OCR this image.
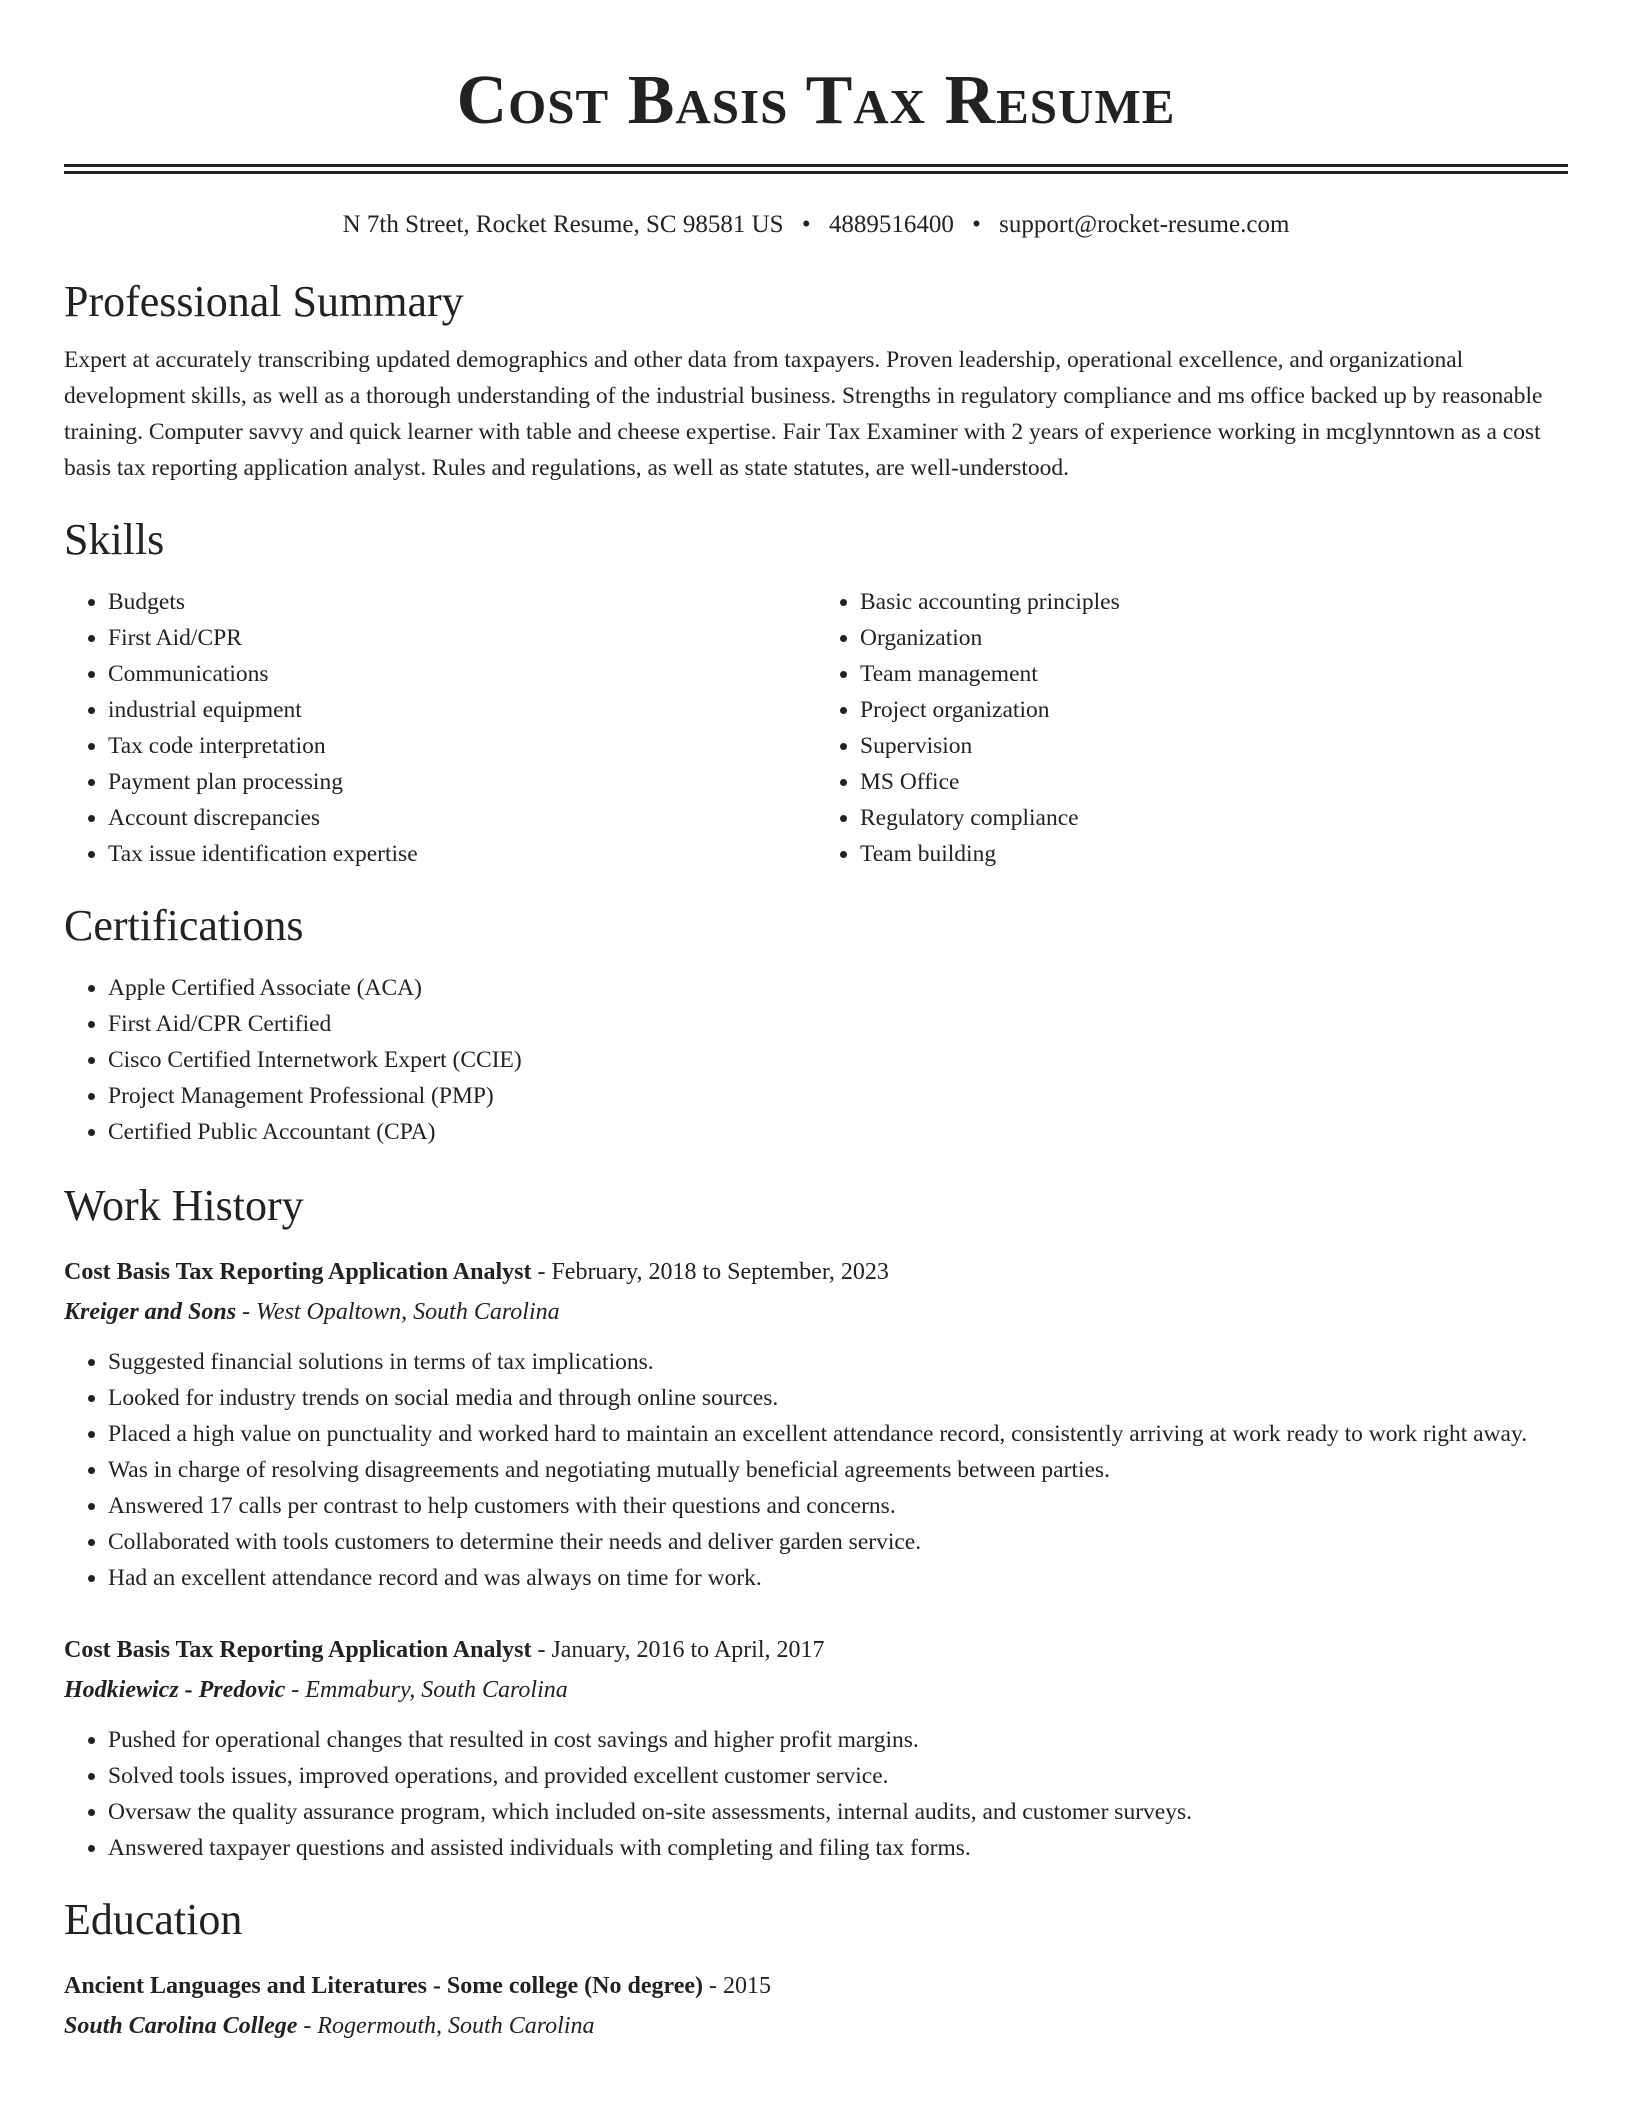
Cost Basis Tax Resume
N 7th Street, Rocket Resume, SC 98581 US • 4889516400 • support@rocket-resume.com
Professional Summary

Expert at accurately transcribing updated demographics and other data from taxpayers. Proven leadership, operational excellence, and organizational development skills, as well as a thorough understanding of the industrial business. Strengths in regulatory compliance and ms office backed up by reasonable training. Computer savvy and quick learner with table and cheese expertise. Fair Tax Examiner with 2 years of experience working in mcglynntown as a cost basis tax reporting application analyst. Rules and regulations, as well as state statutes, are well-understood.

Skills
• Budgets
• First Aid/CPR
• Communications
• industrial equipment
• Tax code interpretation
• Payment plan processing
• Account discrepancies
• Tax issue identification expertise
• Basic accounting principles
• Organization
• Team management
• Project organization
• Supervision
• MS Office
• Regulatory compliance
• Team building
Certifications
• Apple Certified Associate (ACA)
• First Aid/CPR Certified
• Cisco Certified Internetwork Expert (CCIE)
• Project Management Professional (PMP)
• Certified Public Accountant (CPA)
Work History
Cost Basis Tax Reporting Application Analyst - February, 2018 to September, 2023
Kreiger and Sons - West Opaltown, South Carolina
• Suggested financial solutions in terms of tax implications.
• Looked for industry trends on social media and through online sources.
• Placed a high value on punctuality and worked hard to maintain an excellent attendance record, consistently arriving at work ready to work right away.
• Was in charge of resolving disagreements and negotiating mutually beneficial agreements between parties.
• Answered 17 calls per contrast to help customers with their questions and concerns.
• Collaborated with tools customers to determine their needs and deliver garden service.
• Had an excellent attendance record and was always on time for work.
Cost Basis Tax Reporting Application Analyst - January, 2016 to April, 2017
Hodkiewicz - Predovic - Emmabury, South Carolina
• Pushed for operational changes that resulted in cost savings and higher profit margins.
• Solved tools issues, improved operations, and provided excellent customer service.
• Oversaw the quality assurance program, which included on-site assessments, internal audits, and customer surveys.
• Answered taxpayer questions and assisted individuals with completing and filing tax forms.
Education
Ancient Languages and Literatures - Some college (No degree) - 2015
South Carolina College - Rogermouth, South Carolina
